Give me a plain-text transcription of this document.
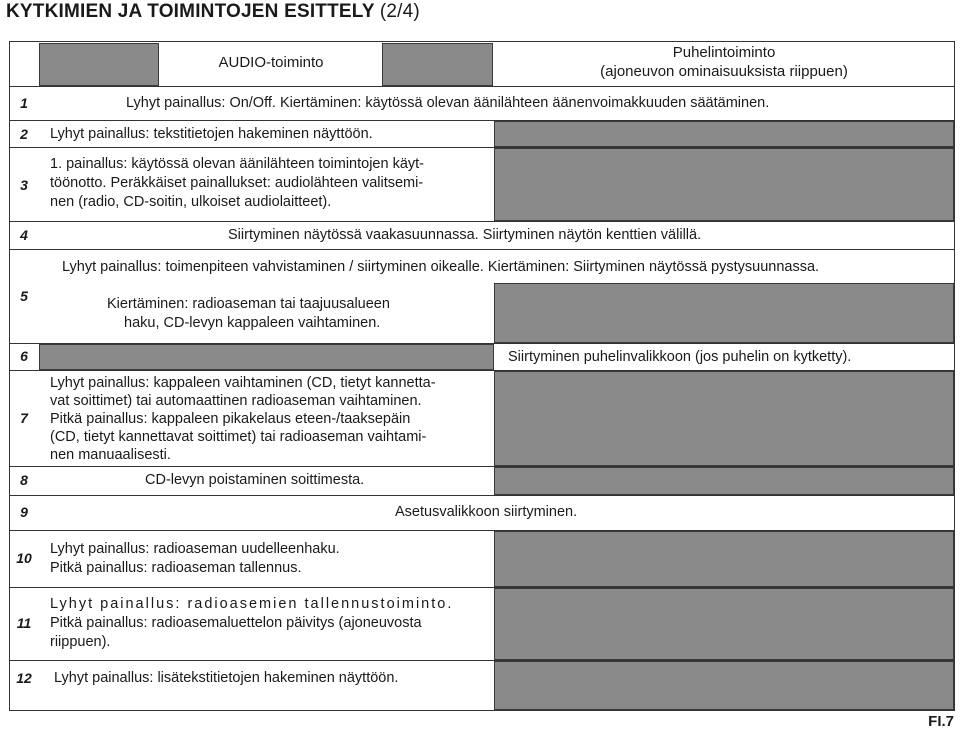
KYTKIMIEN JA TOIMINTOJEN ESITTELY (2/4)
AUDIO-toiminto
Puhelintoiminto
(ajoneuvon ominaisuuksista riippuen)
1
2
3
4
5
6
7
8
9
10
11
12
Lyhyt painallus: On/Off. Kiertäminen: käytössä olevan äänilähteen äänenvoimakkuuden säätäminen.
Lyhyt painallus: tekstitietojen hakeminen näyttöön.
1. painallus: käytössä olevan äänilähteen toimintojen käyt-
töönotto. Peräkkäiset painallukset: audiolähteen valitsemi-
nen (radio, CD-soitin, ulkoiset audiolaitteet).
Siirtyminen näytössä vaakasuunnassa. Siirtyminen näytön kenttien välillä.
Lyhyt painallus: toimenpiteen vahvistaminen / siirtyminen oikealle. Kiertäminen: Siirtyminen näytössä pystysuunnassa.
Kiertäminen: radioaseman tai taajuusalueen
haku, CD-levyn kappaleen vaihtaminen.
Siirtyminen puhelinvalikkoon (jos puhelin on kytketty).
Lyhyt painallus: kappaleen vaihtaminen (CD, tietyt kannetta-
vat soittimet) tai automaattinen radioaseman vaihtaminen.
Pitkä painallus: kappaleen pikakelaus eteen-/taaksepäin
(CD, tietyt kannettavat soittimet) tai radioaseman vaihtami-
nen manuaalisesti.
CD-levyn poistaminen soittimesta.
Asetusvalikkoon siirtyminen.
Lyhyt painallus: radioaseman uudelleenhaku.
Pitkä painallus: radioaseman tallennus.
Lyhyt painallus: radioasemien tallennustoiminto.
Pitkä painallus: radioasemaluettelon päivitys (ajoneuvosta
riippuen).
Lyhyt painallus: lisätekstitietojen hakeminen näyttöön.
FI.7
